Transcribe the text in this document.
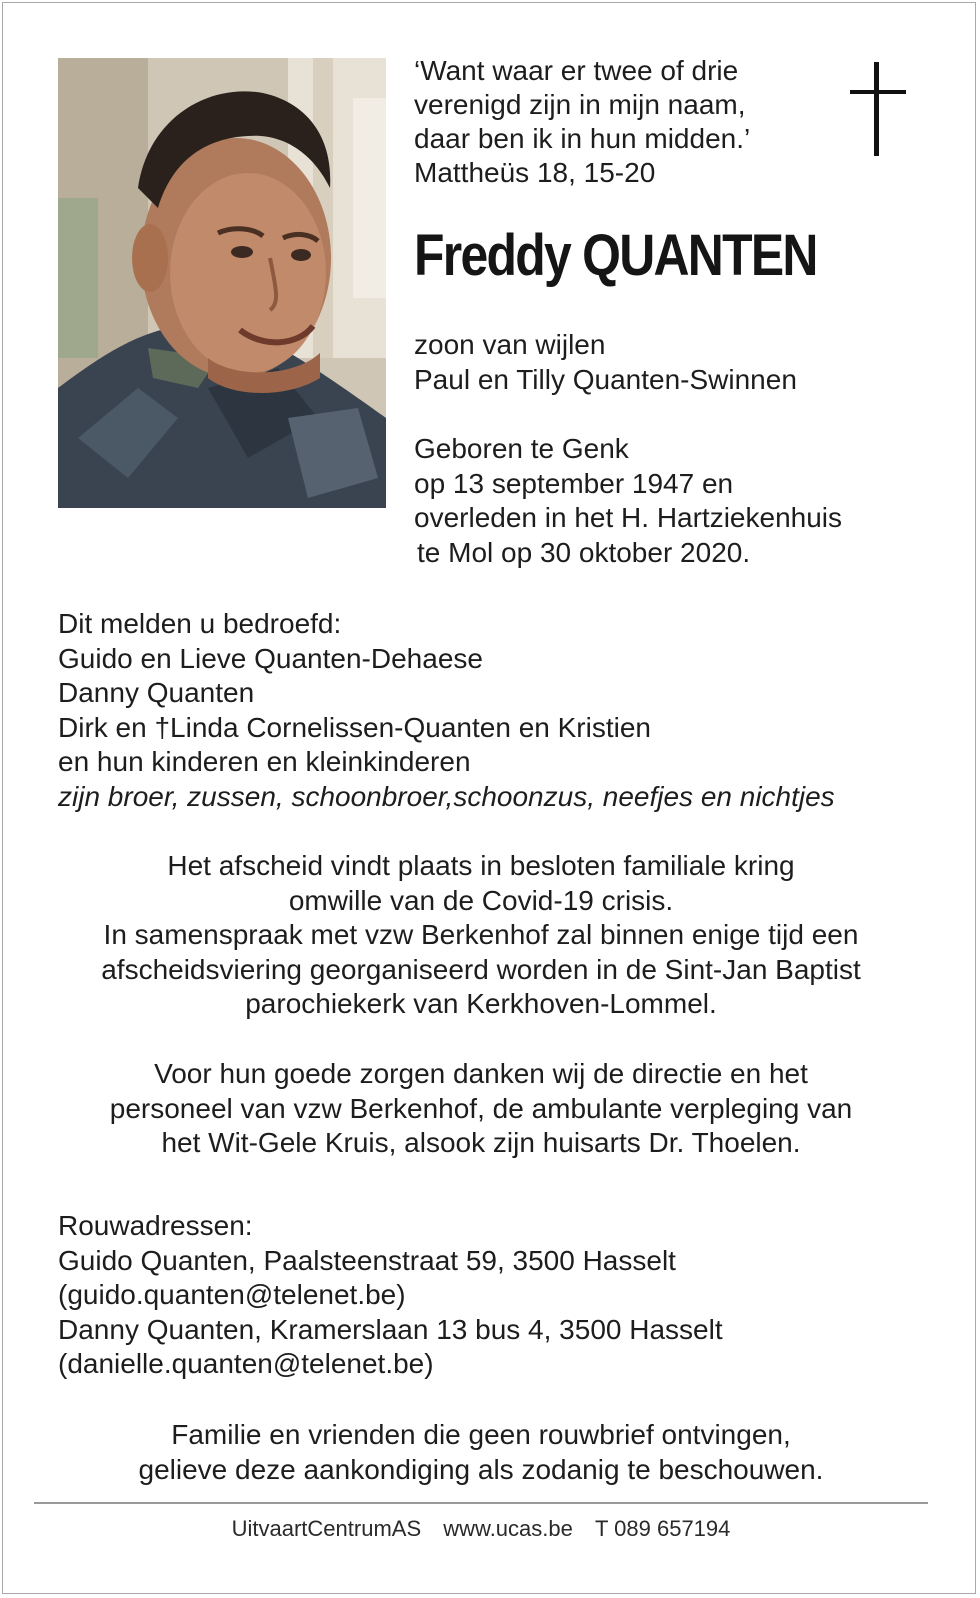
‘Want waar er twee of drie
verenigd zijn in mijn naam,
daar ben ik in hun midden.’
Mattheüs 18, 15-20
Freddy QUANTEN
zoon van wijlen
Paul en Tilly Quanten-Swinnen
Geboren te Genk
op 13 september 1947 en
overleden in het H. Hartziekenhuis
te Mol op 30 oktober 2020.
Dit melden u bedroefd:
Guido en Lieve Quanten-Dehaese
Danny Quanten
Dirk en †Linda Cornelissen-Quanten en Kristien
en hun kinderen en kleinkinderen
zijn broer, zussen, schoonbroer,schoonzus, neefjes en nichtjes
Het afscheid vindt plaats in besloten familiale kring
omwille van de Covid-19 crisis.
In samenspraak met vzw Berkenhof zal binnen enige tijd een
afscheidsviering georganiseerd worden in de Sint-Jan Baptist
parochiekerk van Kerkhoven-Lommel.
Voor hun goede zorgen danken wij de directie en het
personeel van vzw Berkenhof, de ambulante verpleging van
het Wit-Gele Kruis, alsook zijn huisarts Dr. Thoelen.
Rouwadressen:
Guido Quanten, Paalsteenstraat 59, 3500 Hasselt
(guido.quanten@telenet.be)
Danny Quanten, Kramerslaan 13 bus 4, 3500 Hasselt
(danielle.quanten@telenet.be)
Familie en vrienden die geen rouwbrief ontvingen,
gelieve deze aankondiging als zodanig te beschouwen.
UitvaartCentrumAS www.ucas.be T 089 657194
